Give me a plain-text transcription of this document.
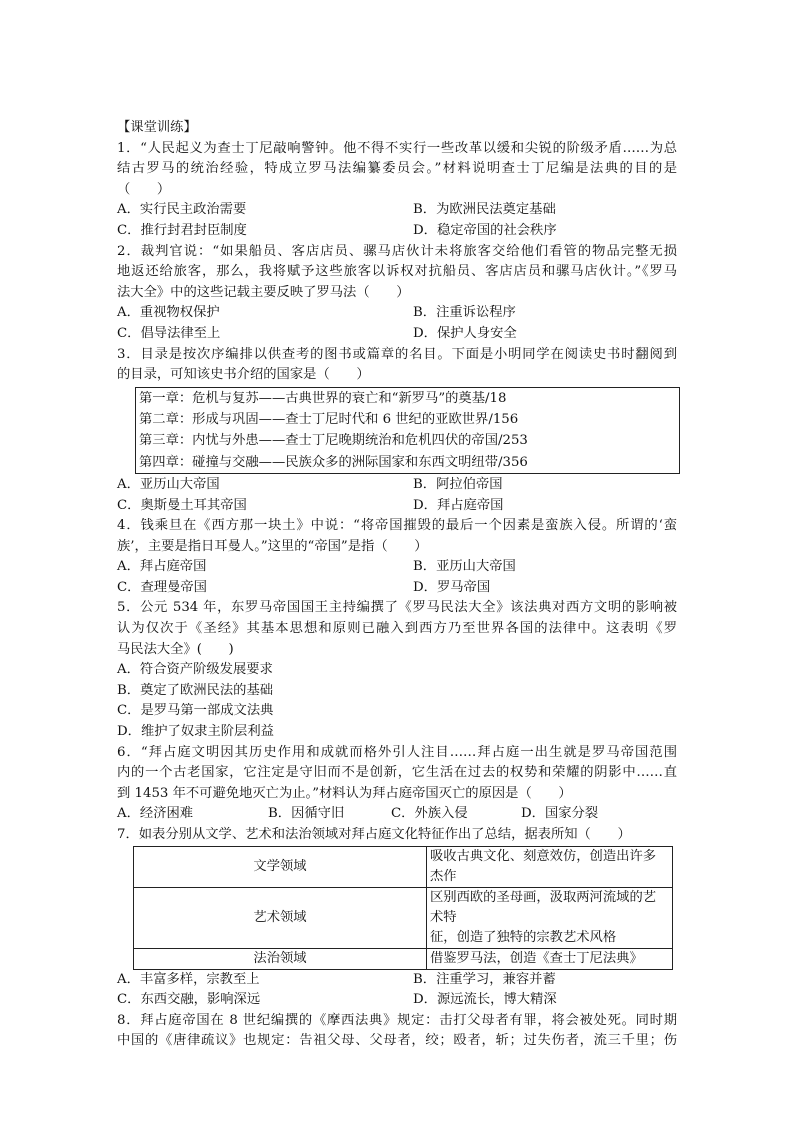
【课堂训练】
1．“人民起义为查士丁尼敲响警钟。他不得不实行一些改革以缓和尖锐的阶级矛盾……为总
结古罗马的统治经验，特成立罗马法编纂委员会。”材料说明查士丁尼编是法典的目的是
（　　）
A．实行民主政治需要	B．为欧洲民法奠定基础
C．推行封君封臣制度	D．稳定帝国的社会秩序
2．裁判官说：“如果船员、客店店员、骡马店伙计未将旅客交给他们看管的物品完整无损
地返还给旅客，那么，我将赋予这些旅客以诉权对抗船员、客店店员和骡马店伙计。”《罗马
法大全》中的这些记载主要反映了罗马法（　　）
A．重视物权保护	B．注重诉讼程序
C．倡导法律至上	D．保护人身安全
3．目录是按次序编排以供查考的图书或篇章的名目。下面是小明同学在阅读史书时翻阅到
的目录，可知该史书介绍的国家是（　　）
第一章：危机与复苏——古典世界的衰亡和“新罗马”的奠基/18
第二章：形成与巩固——查士丁尼时代和 6 世纪的亚欧世界/156
第三章：内忧与外患——查士丁尼晚期统治和危机四伏的帝国/253
第四章：碰撞与交融——民族众多的洲际国家和东西文明纽带/356
A．亚历山大帝国	B．阿拉伯帝国
C．奥斯曼土耳其帝国	D．拜占庭帝国
4．钱乘旦在《西方那一块土》中说：“将帝国摧毁的最后一个因素是蛮族入侵。所谓的‘蛮
族’，主要是指日耳曼人。”这里的“帝国”是指（　　）
A．拜占庭帝国	B．亚历山大帝国
C．查理曼帝国	D．罗马帝国
5．公元 534 年，东罗马帝国国王主持编撰了《罗马民法大全》该法典对西方文明的影响被
认为仅次于《圣经》其基本思想和原则已融入到西方乃至世界各国的法律中。这表明《罗
马民法大全》(　　)
A．符合资产阶级发展要求
B．奠定了欧洲民法的基础
C．是罗马第一部成文法典
D．维护了奴隶主阶层利益
6．“拜占庭文明因其历史作用和成就而格外引人注目……拜占庭一出生就是罗马帝国范围
内的一个古老国家，它注定是守旧而不是创新，它生活在过去的权势和荣耀的阴影中……直
到 1453 年不可避免地灭亡为止。”材料认为拜占庭帝国灭亡的原因是（　　）
A．经济困难	B．因循守旧	C．外族入侵	D．国家分裂
7．如表分别从文学、艺术和法治领域对拜占庭文化特征作出了总结，据表所知（　　）
文学领域	吸收古典文化、刻意效仿，创造出许多杰作
艺术领域	区别西欧的圣母画，汲取两河流域的艺术特
征，创造了独特的宗教艺术风格

法治领域	借鉴罗马法，创造《查士丁尼法典》
A．丰富多样，宗教至上	B．注重学习，兼容并蓄
C．东西交融，影响深远	D．源远流长，博大精深
8．拜占庭帝国在 8 世纪编撰的《摩西法典》规定：击打父母者有罪，将会被处死。同时期
中国的《唐律疏议》也规定：告祖父母、父母者，绞；殴者，斩；过失伤者，流三千里；伤
